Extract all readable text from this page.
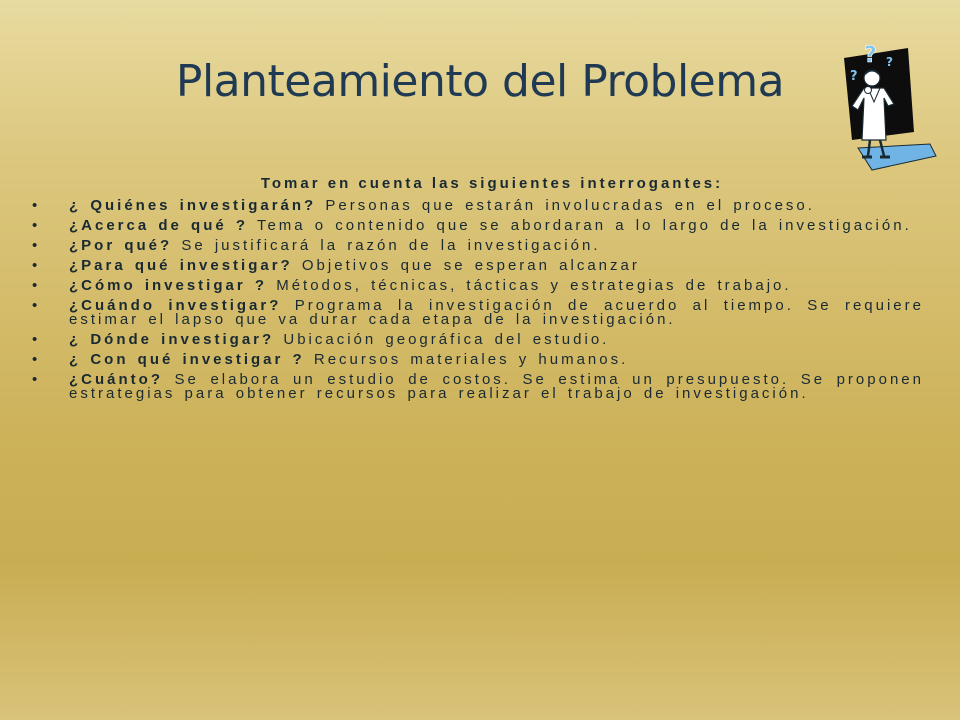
Planteamiento del Problema
?
?
?

Tomar en cuenta las siguientes interrogantes:

• ¿ Quiénes investigarán? Personas que estarán involucradas en el proceso.
• ¿Acerca de qué ? Tema o contenido que se abordaran a lo largo de la investigación.
• ¿Por qué? Se justificará la razón de la investigación.
• ¿Para qué investigar? Objetivos que se esperan alcanzar
• ¿Cómo investigar ? Métodos, técnicas, tácticas y estrategias de trabajo.
• ¿Cuándo investigar? Programa la investigación de acuerdo al tiempo. Se requiere estimar el lapso que va durar cada etapa de la investigación.
• ¿ Dónde investigar? Ubicación geográfica del estudio.
• ¿ Con qué investigar ? Recursos materiales y humanos.
• ¿Cuánto? Se elabora un estudio de costos. Se estima un presupuesto. Se proponen estrategias para obtener recursos para realizar el trabajo de investigación.
